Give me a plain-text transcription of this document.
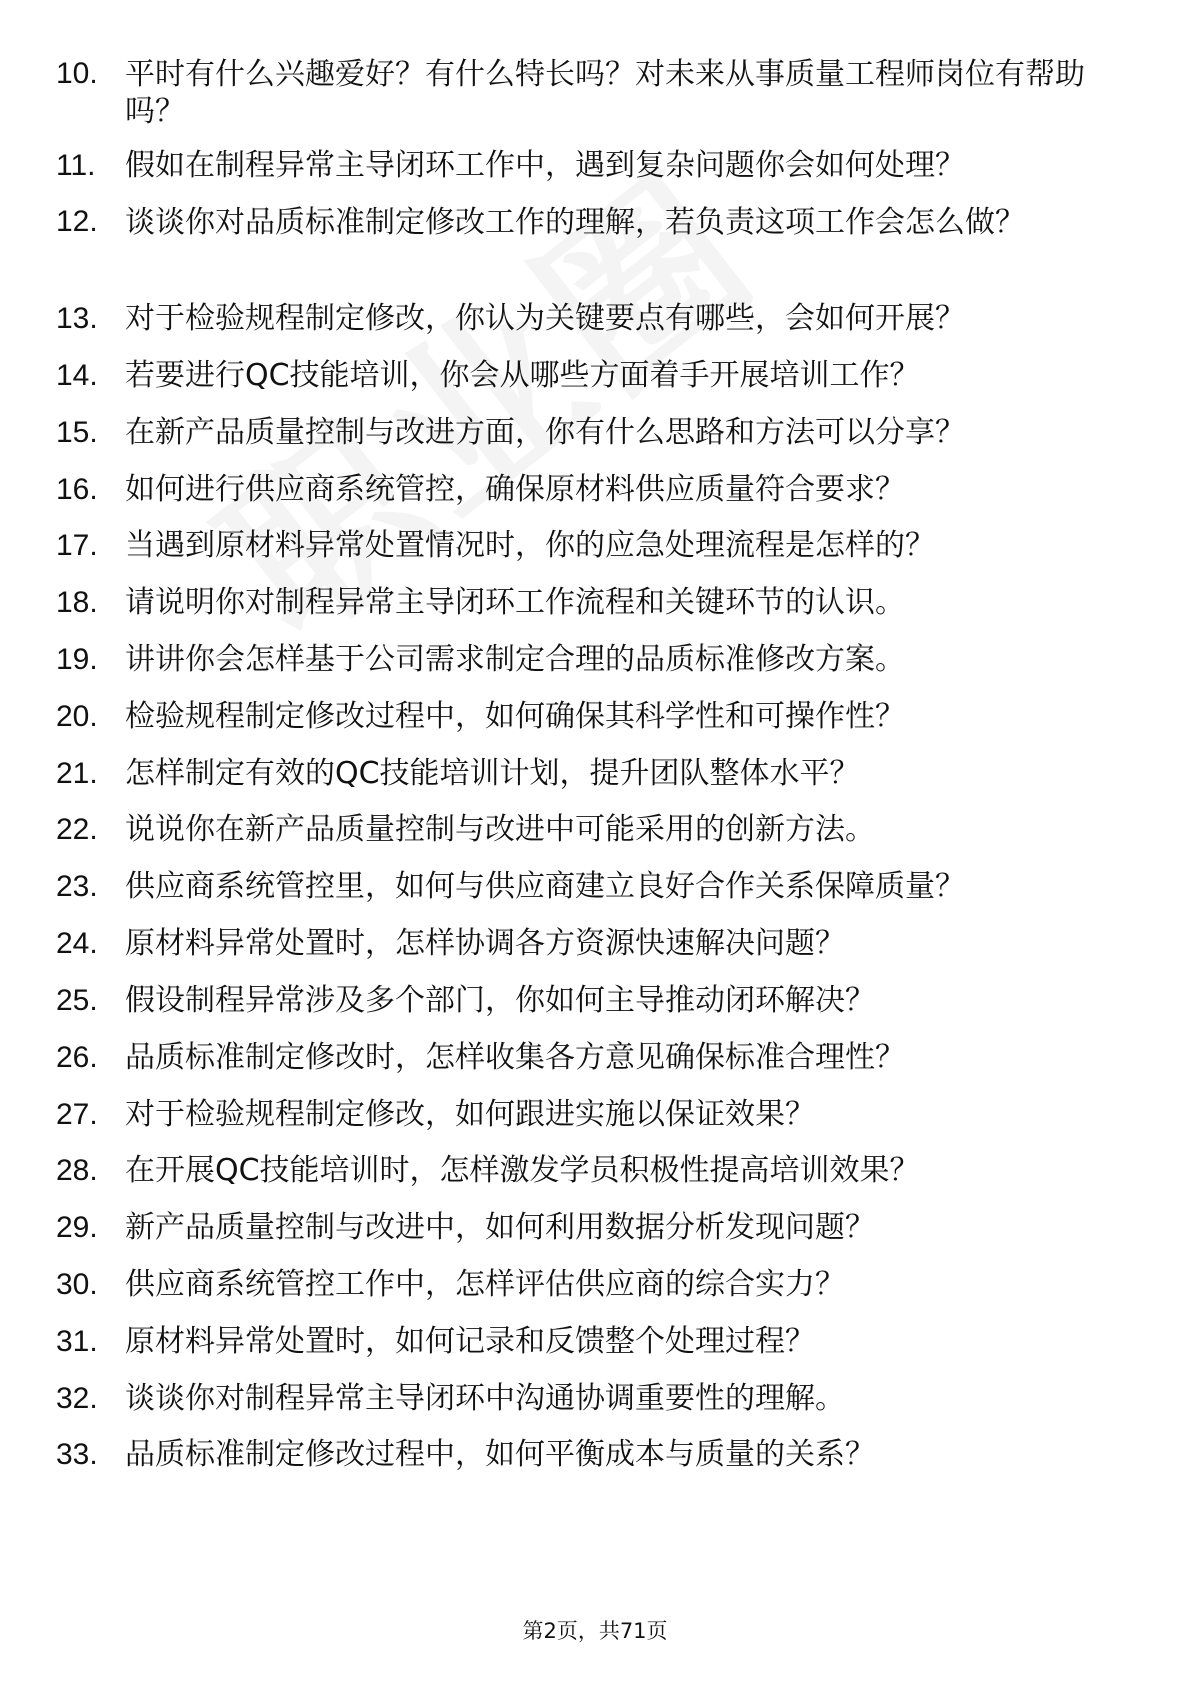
10. 平时有什么兴趣爱好？有什么特长吗？对未来从事质量工程师岗位有帮助吗？
11. 假如在制程异常主导闭环工作中，遇到复杂问题你会如何处理？
12. 谈谈你对品质标准制定修改工作的理解，若负责这项工作会怎么做？
13. 对于检验规程制定修改，你认为关键要点有哪些，会如何开展？
14. 若要进行QC技能培训，你会从哪些方面着手开展培训工作？
15. 在新产品质量控制与改进方面，你有什么思路和方法可以分享？
16. 如何进行供应商系统管控，确保原材料供应质量符合要求？
17. 当遇到原材料异常处置情况时，你的应急处理流程是怎样的？
18. 请说明你对制程异常主导闭环工作流程和关键环节的认识。
19. 讲讲你会怎样基于公司需求制定合理的品质标准修改方案。
20. 检验规程制定修改过程中，如何确保其科学性和可操作性？
21. 怎样制定有效的QC技能培训计划，提升团队整体水平？
22. 说说你在新产品质量控制与改进中可能采用的创新方法。
23. 供应商系统管控里，如何与供应商建立良好合作关系保障质量？
24. 原材料异常处置时，怎样协调各方资源快速解决问题？
25. 假设制程异常涉及多个部门，你如何主导推动闭环解决？
26. 品质标准制定修改时，怎样收集各方意见确保标准合理性？
27. 对于检验规程制定修改，如何跟进实施以保证效果？
28. 在开展QC技能培训时，怎样激发学员积极性提高培训效果？
29. 新产品质量控制与改进中，如何利用数据分析发现问题？
30. 供应商系统管控工作中，怎样评估供应商的综合实力？
31. 原材料异常处置时，如何记录和反馈整个处理过程？
32. 谈谈你对制程异常主导闭环中沟通协调重要性的理解。
33. 品质标准制定修改过程中，如何平衡成本与质量的关系？
第2页，共71页
